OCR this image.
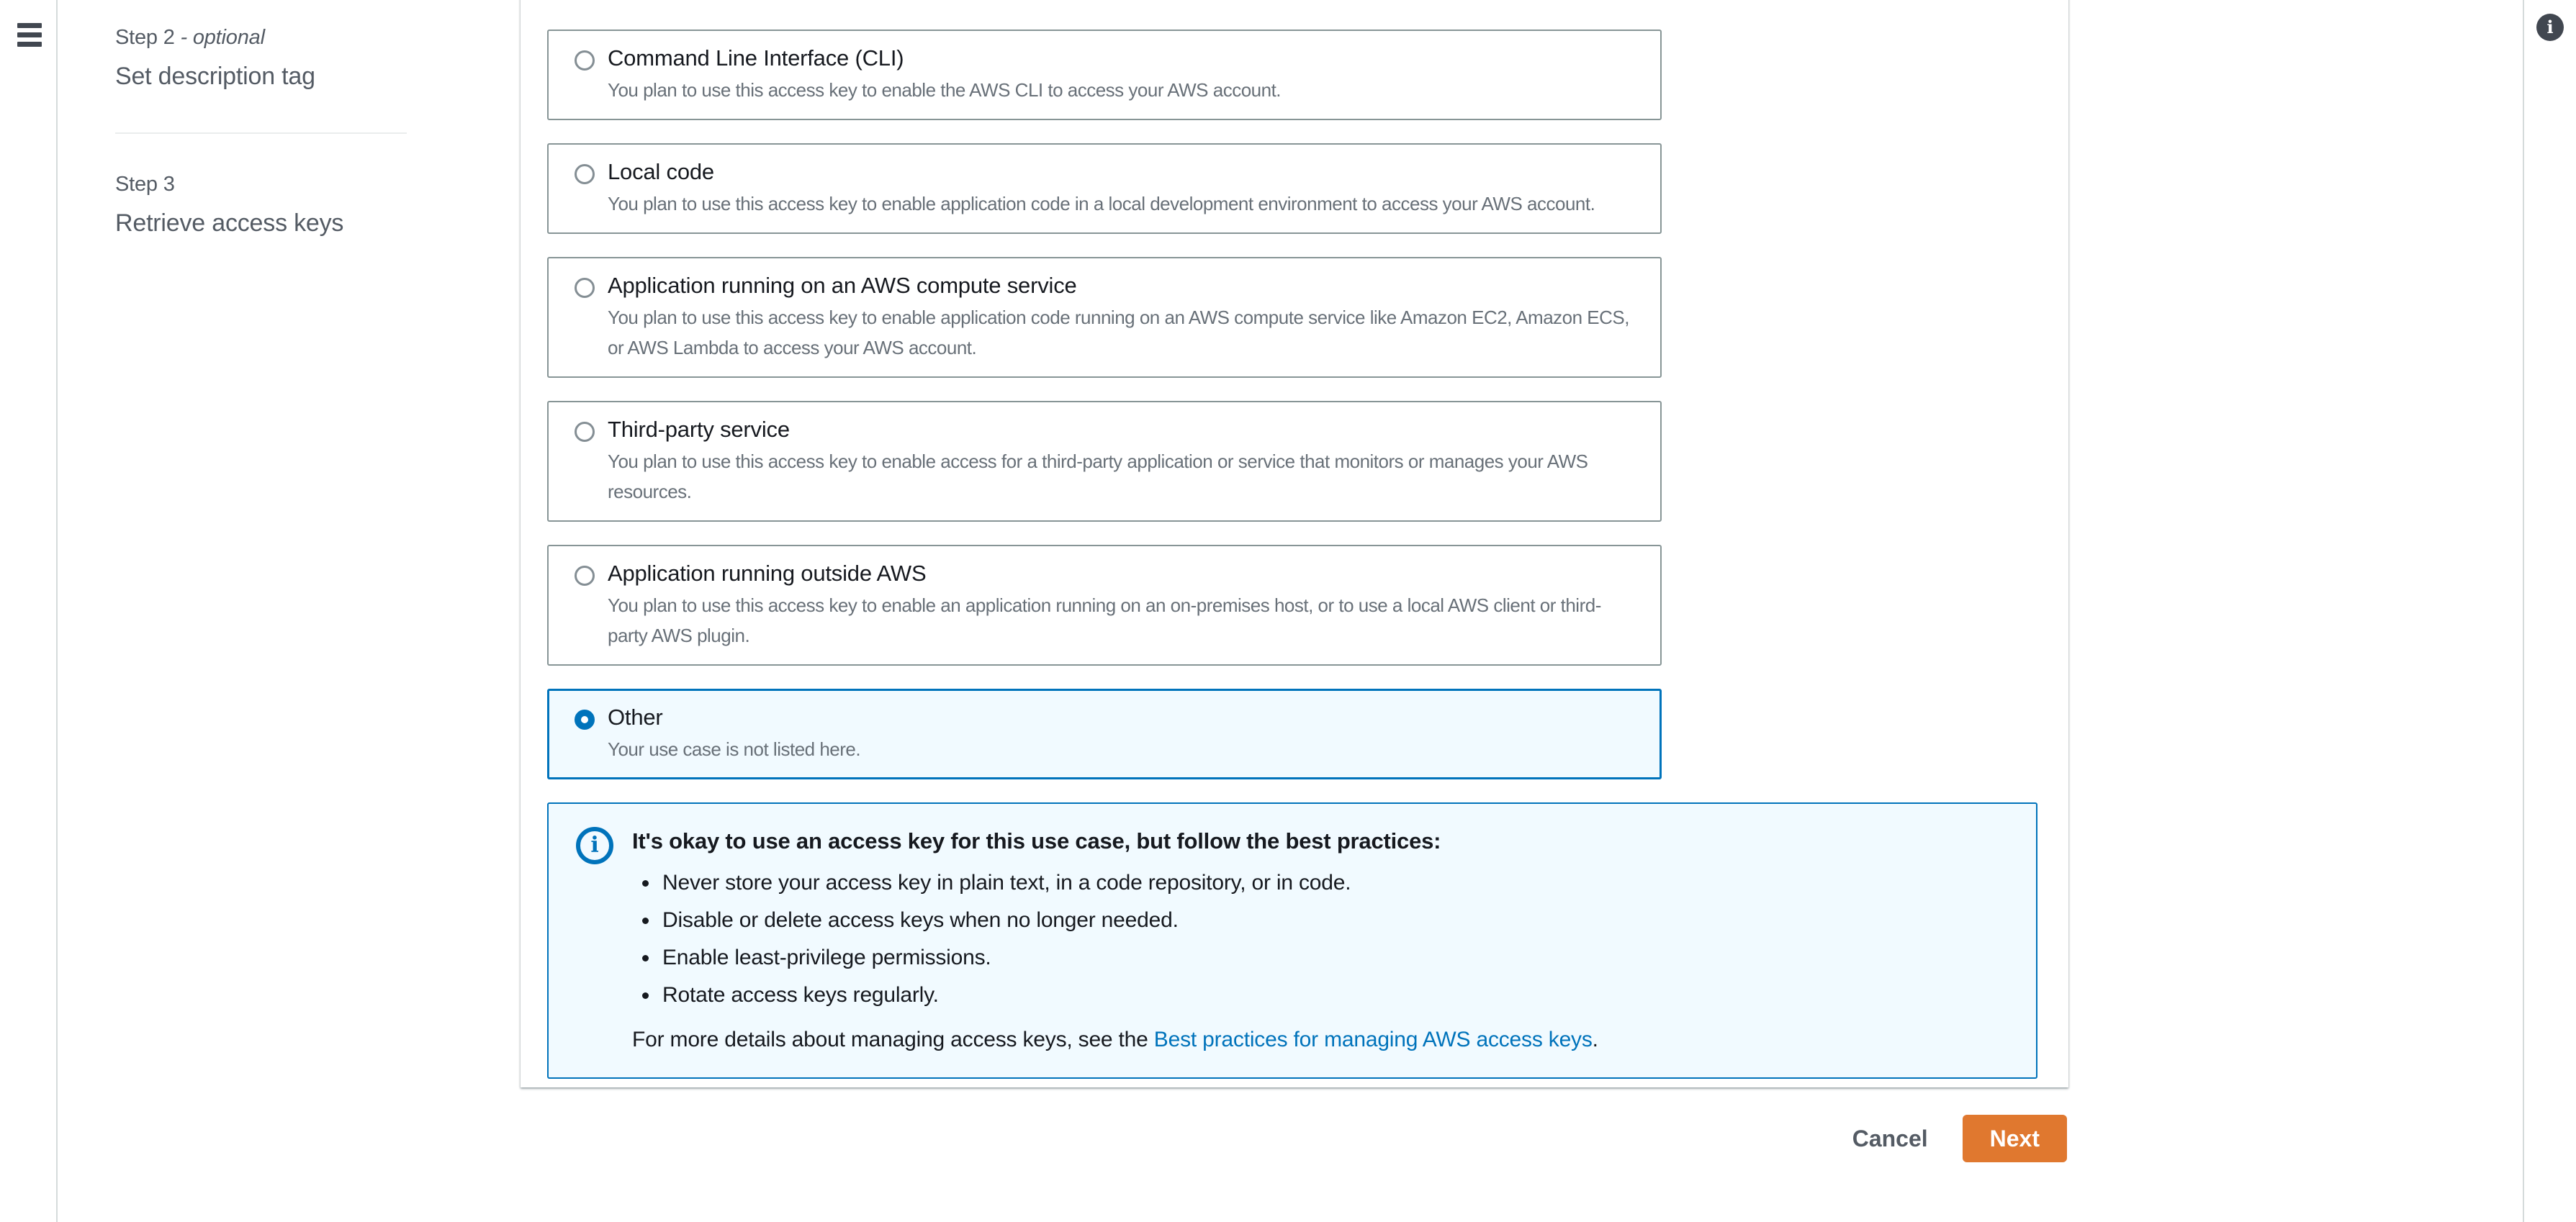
Step 2 - optional
Set description tag
Step 3
Retrieve access keys
Command Line Interface (CLI)
You plan to use this access key to enable the AWS CLI to access your AWS account.
Local code
You plan to use this access key to enable application code in a local development environment to access your AWS account.
Application running on an AWS compute service
You plan to use this access key to enable application code running on an AWS compute service like Amazon EC2, Amazon ECS, or AWS Lambda to access your AWS account.
Third-party service
You plan to use this access key to enable access for a third-party application or service that monitors or manages your AWS resources.
Application running outside AWS
You plan to use this access key to enable an application running on an on-premises host, or to use a local AWS client or third-party AWS plugin.
Other
Your use case is not listed here.
i It's okay to use an access key for this use case, but follow the best practices:
Never store your access key in plain text, in a code repository, or in code.
Disable or delete access keys when no longer needed.
Enable least-privilege permissions.
Rotate access keys regularly.
For more details about managing access keys, see the Best practices for managing AWS access keys.
Cancel	Next
i
